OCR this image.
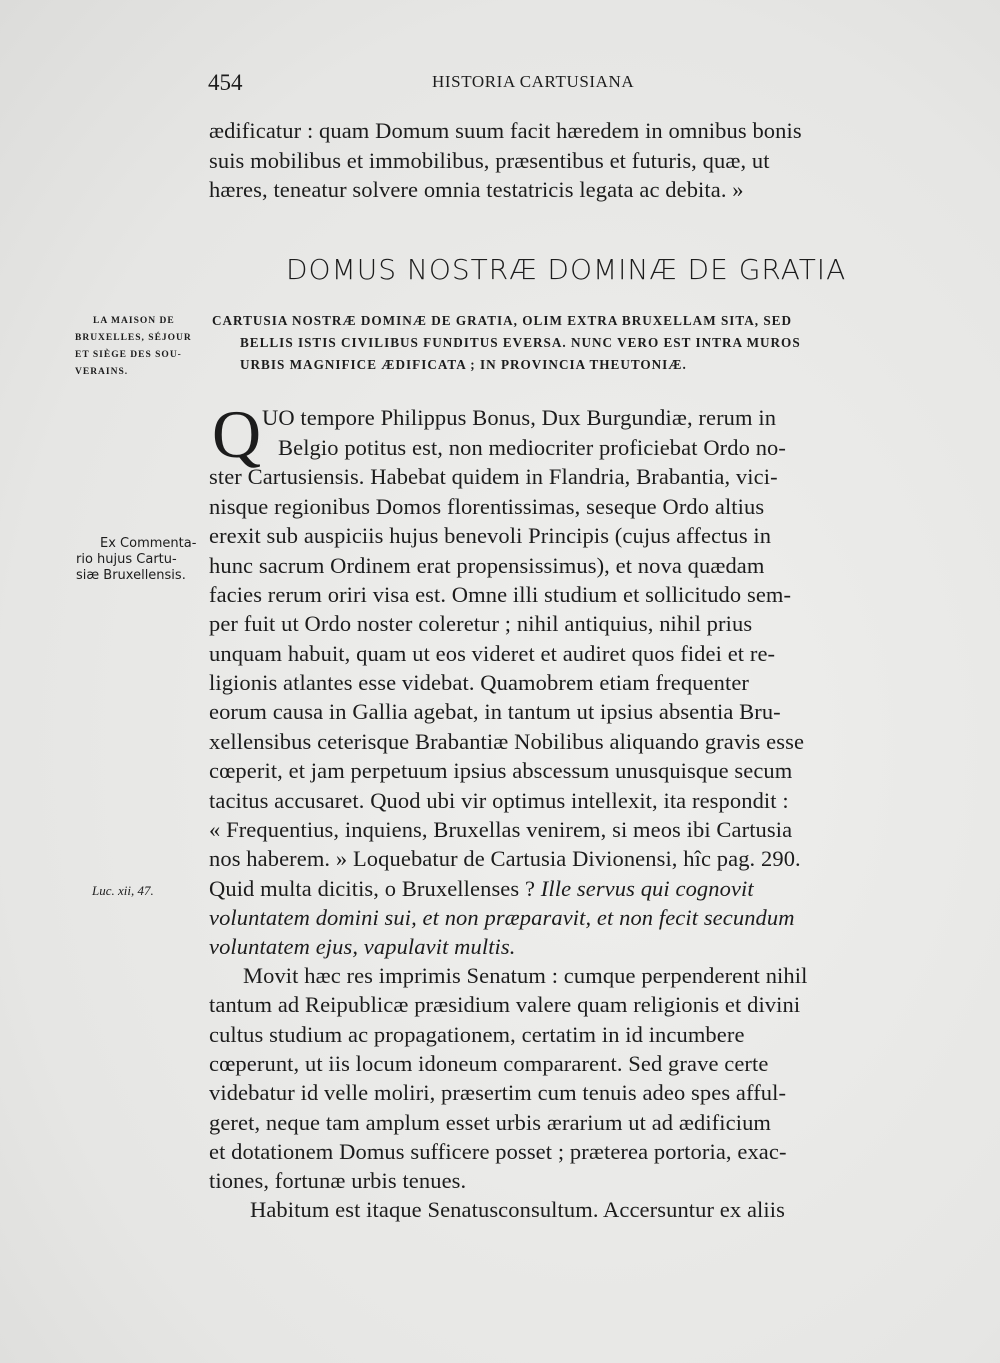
454	HISTORIA CARTUSIANA
ædificatur : quam Domum suum facit hæredem in omnibus bonis
suis mobilibus et immobilibus, præsentibus et futuris, quæ, ut
hæres, teneatur solvere omnia testatricis legata ac debita. »
DOMUS NOSTRÆ DOMINÆ DE GRATIA
CARTUSIA NOSTRÆ DOMINÆ DE GRATIA, OLIM EXTRA BRUXELLAM SITA, SED
BELLIS ISTIS CIVILIBUS FUNDITUS EVERSA. NUNC VERO EST INTRA MUROS
URBIS MAGNIFICE ÆDIFICATA ; IN PROVINCIA THEUTONIÆ.
LA MAISON DE
BRUXELLES, SÉJOUR
ET SIÈGE DES SOU-
VERAINS.
Ex Commenta-
rio hujus Cartu-
siæ Bruxellensis.
Luc. xii, 47.
Q UO tempore Philippus Bonus, Dux Burgundiæ, rerum in
Belgio potitus est, non mediocriter proficiebat Ordo no-
ster Cartusiensis. Habebat quidem in Flandria, Brabantia, vici-
nisque regionibus Domos florentissimas, seseque Ordo altius
erexit sub auspiciis hujus benevoli Principis (cujus affectus in
hunc sacrum Ordinem erat propensissimus), et nova quædam
facies rerum oriri visa est. Omne illi studium et sollicitudo sem-
per fuit ut Ordo noster coleretur ; nihil antiquius, nihil prius
unquam habuit, quam ut eos videret et audiret quos fidei et re-
ligionis atlantes esse videbat. Quamobrem etiam frequenter
eorum causa in Gallia agebat, in tantum ut ipsius absentia Bru-
xellensibus ceterisque Brabantiæ Nobilibus aliquando gravis esse
cœperit, et jam perpetuum ipsius abscessum unusquisque secum
tacitus accusaret. Quod ubi vir optimus intellexit, ita respondit :
« Frequentius, inquiens, Bruxellas venirem, si meos ibi Cartusia
nos haberem. » Loquebatur de Cartusia Divionensi, hîc pag. 290.
Quid multa dicitis, o Bruxellenses ? Ille servus qui cognovit
voluntatem domini sui, et non præparavit, et non fecit secundum
voluntatem ejus, vapulavit multis.
Movit hæc res imprimis Senatum : cumque perpenderent nihil
tantum ad Reipublicæ præsidium valere quam religionis et divini
cultus studium ac propagationem, certatim in id incumbere
cœperunt, ut iis locum idoneum compararent. Sed grave certe
videbatur id velle moliri, præsertim cum tenuis adeo spes afful-
geret, neque tam amplum esset urbis ærarium ut ad ædificium
et dotationem Domus sufficere posset ; præterea portoria, exac-
tiones, fortunæ urbis tenues.
Habitum est itaque Senatusconsultum. Accersuntur ex aliis
